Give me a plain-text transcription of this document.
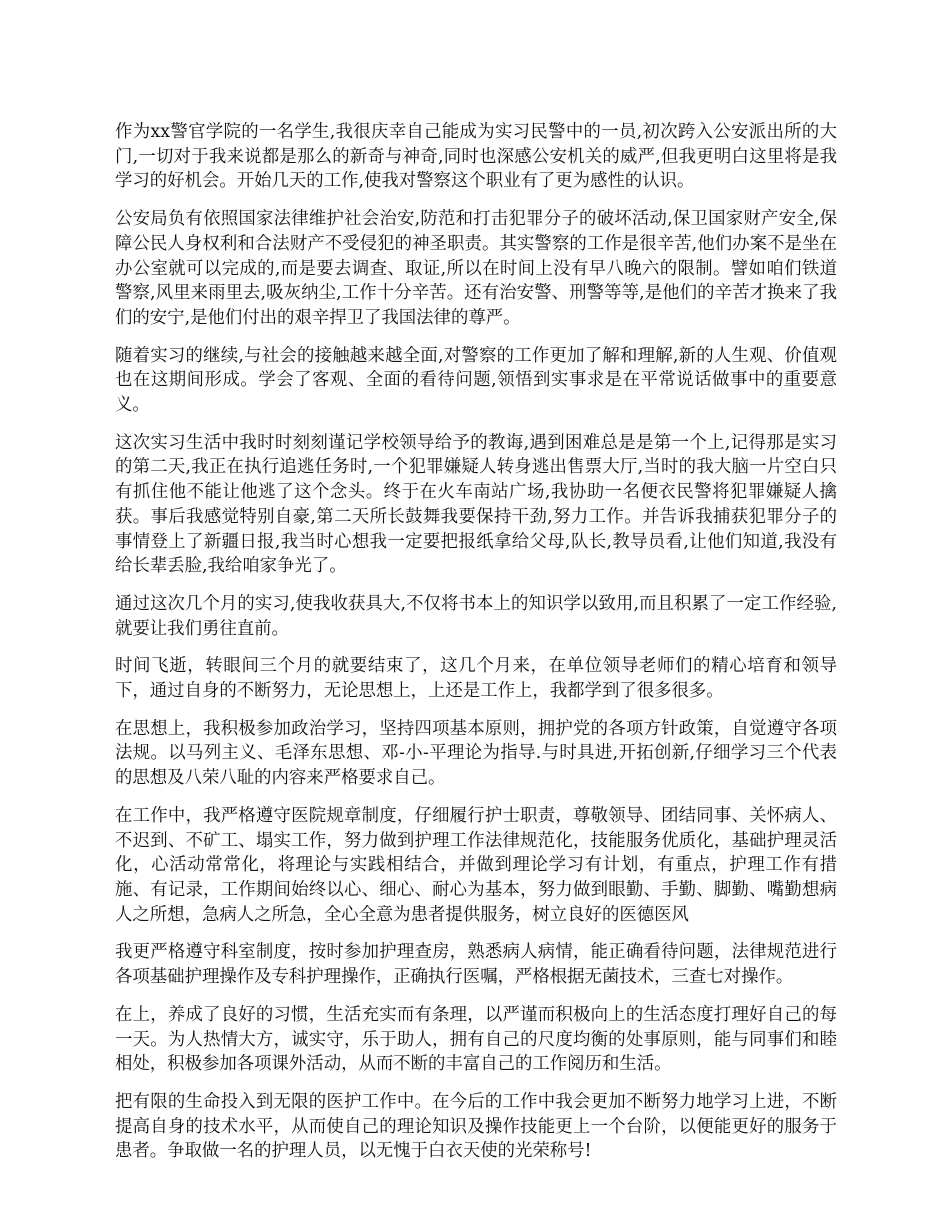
作为xx警官学院的一名学生,我很庆幸自己能成为实习民警中的一员,初次跨入公安派出所的大门,一切对于我来说都是那么的新奇与神奇,同时也深感公安机关的威严,但我更明白这里将是我学习的好机会。开始几天的工作,使我对警察这个职业有了更为感性的认识。

公安局负有依照国家法律维护社会治安,防范和打击犯罪分子的破坏活动,保卫国家财产安全,保障公民人身权利和合法财产不受侵犯的神圣职责。其实警察的工作是很辛苦,他们办案不是坐在办公室就可以完成的,而是要去调查、取证,所以在时间上没有早八晚六的限制。譬如咱们铁道警察,风里来雨里去,吸灰纳尘,工作十分辛苦。还有治安警、刑警等等,是他们的辛苦才换来了我们的安宁,是他们付出的艰辛捍卫了我国法律的尊严。

随着实习的继续,与社会的接触越来越全面,对警察的工作更加了解和理解,新的人生观、价值观也在这期间形成。学会了客观、全面的看待问题,领悟到实事求是在平常说话做事中的重要意义。

这次实习生活中我时时刻刻谨记学校领导给予的教诲,遇到困难总是是第一个上,记得那是实习的第二天,我正在执行追逃任务时,一个犯罪嫌疑人转身逃出售票大厅,当时的我大脑一片空白只有抓住他不能让他逃了这个念头。终于在火车南站广场,我协助一名便衣民警将犯罪嫌疑人擒获。事后我感觉特别自豪,第二天所长鼓舞我要保持干劲,努力工作。并告诉我捕获犯罪分子的事情登上了新疆日报,我当时心想我一定要把报纸拿给父母,队长,教导员看,让他们知道,我没有给长辈丢脸,我给咱家争光了。

通过这次几个月的实习,使我收获具大,不仅将书本上的知识学以致用,而且积累了一定工作经验,就要让我们勇往直前。

时间飞逝，转眼间三个月的就要结束了，这几个月来，在单位领导老师们的精心培育和领导下，通过自身的不断努力，无论思想上，上还是工作上，我都学到了很多很多。

在思想上，我积极参加政治学习，坚持四项基本原则，拥护党的各项方针政策，自觉遵守各项法规。以马列主义、毛泽东思想、邓-小-平理论为指导.与时具进,开拓创新,仔细学习三个代表的思想及八荣八耻的内容来严格要求自己。

在工作中，我严格遵守医院规章制度，仔细履行护士职责，尊敬领导、团结同事、关怀病人、不迟到、不矿工、塌实工作，努力做到护理工作法律规范化，技能服务优质化，基础护理灵活化，心活动常常化，将理论与实践相结合，并做到理论学习有计划，有重点，护理工作有措施、有记录，工作期间始终以心、细心、耐心为基本，努力做到眼勤、手勤、脚勤、嘴勤想病人之所想，急病人之所急，全心全意为患者提供服务，树立良好的医德医风

我更严格遵守科室制度，按时参加护理查房，熟悉病人病情，能正确看待问题，法律规范进行各项基础护理操作及专科护理操作，正确执行医嘱，严格根据无菌技术，三查七对操作。

在上，养成了良好的习惯，生活充实而有条理，以严谨而积极向上的生活态度打理好自己的每一天。为人热情大方，诚实守，乐于助人，拥有自己的尺度均衡的处事原则，能与同事们和睦相处，积极参加各项课外活动，从而不断的丰富自己的工作阅历和生活。

把有限的生命投入到无限的医护工作中。在今后的工作中我会更加不断努力地学习上进，不断提高自身的技术水平，从而使自己的理论知识及操作技能更上一个台阶，以便能更好的服务于患者。争取做一名的护理人员，以无愧于白衣天使的光荣称号!
